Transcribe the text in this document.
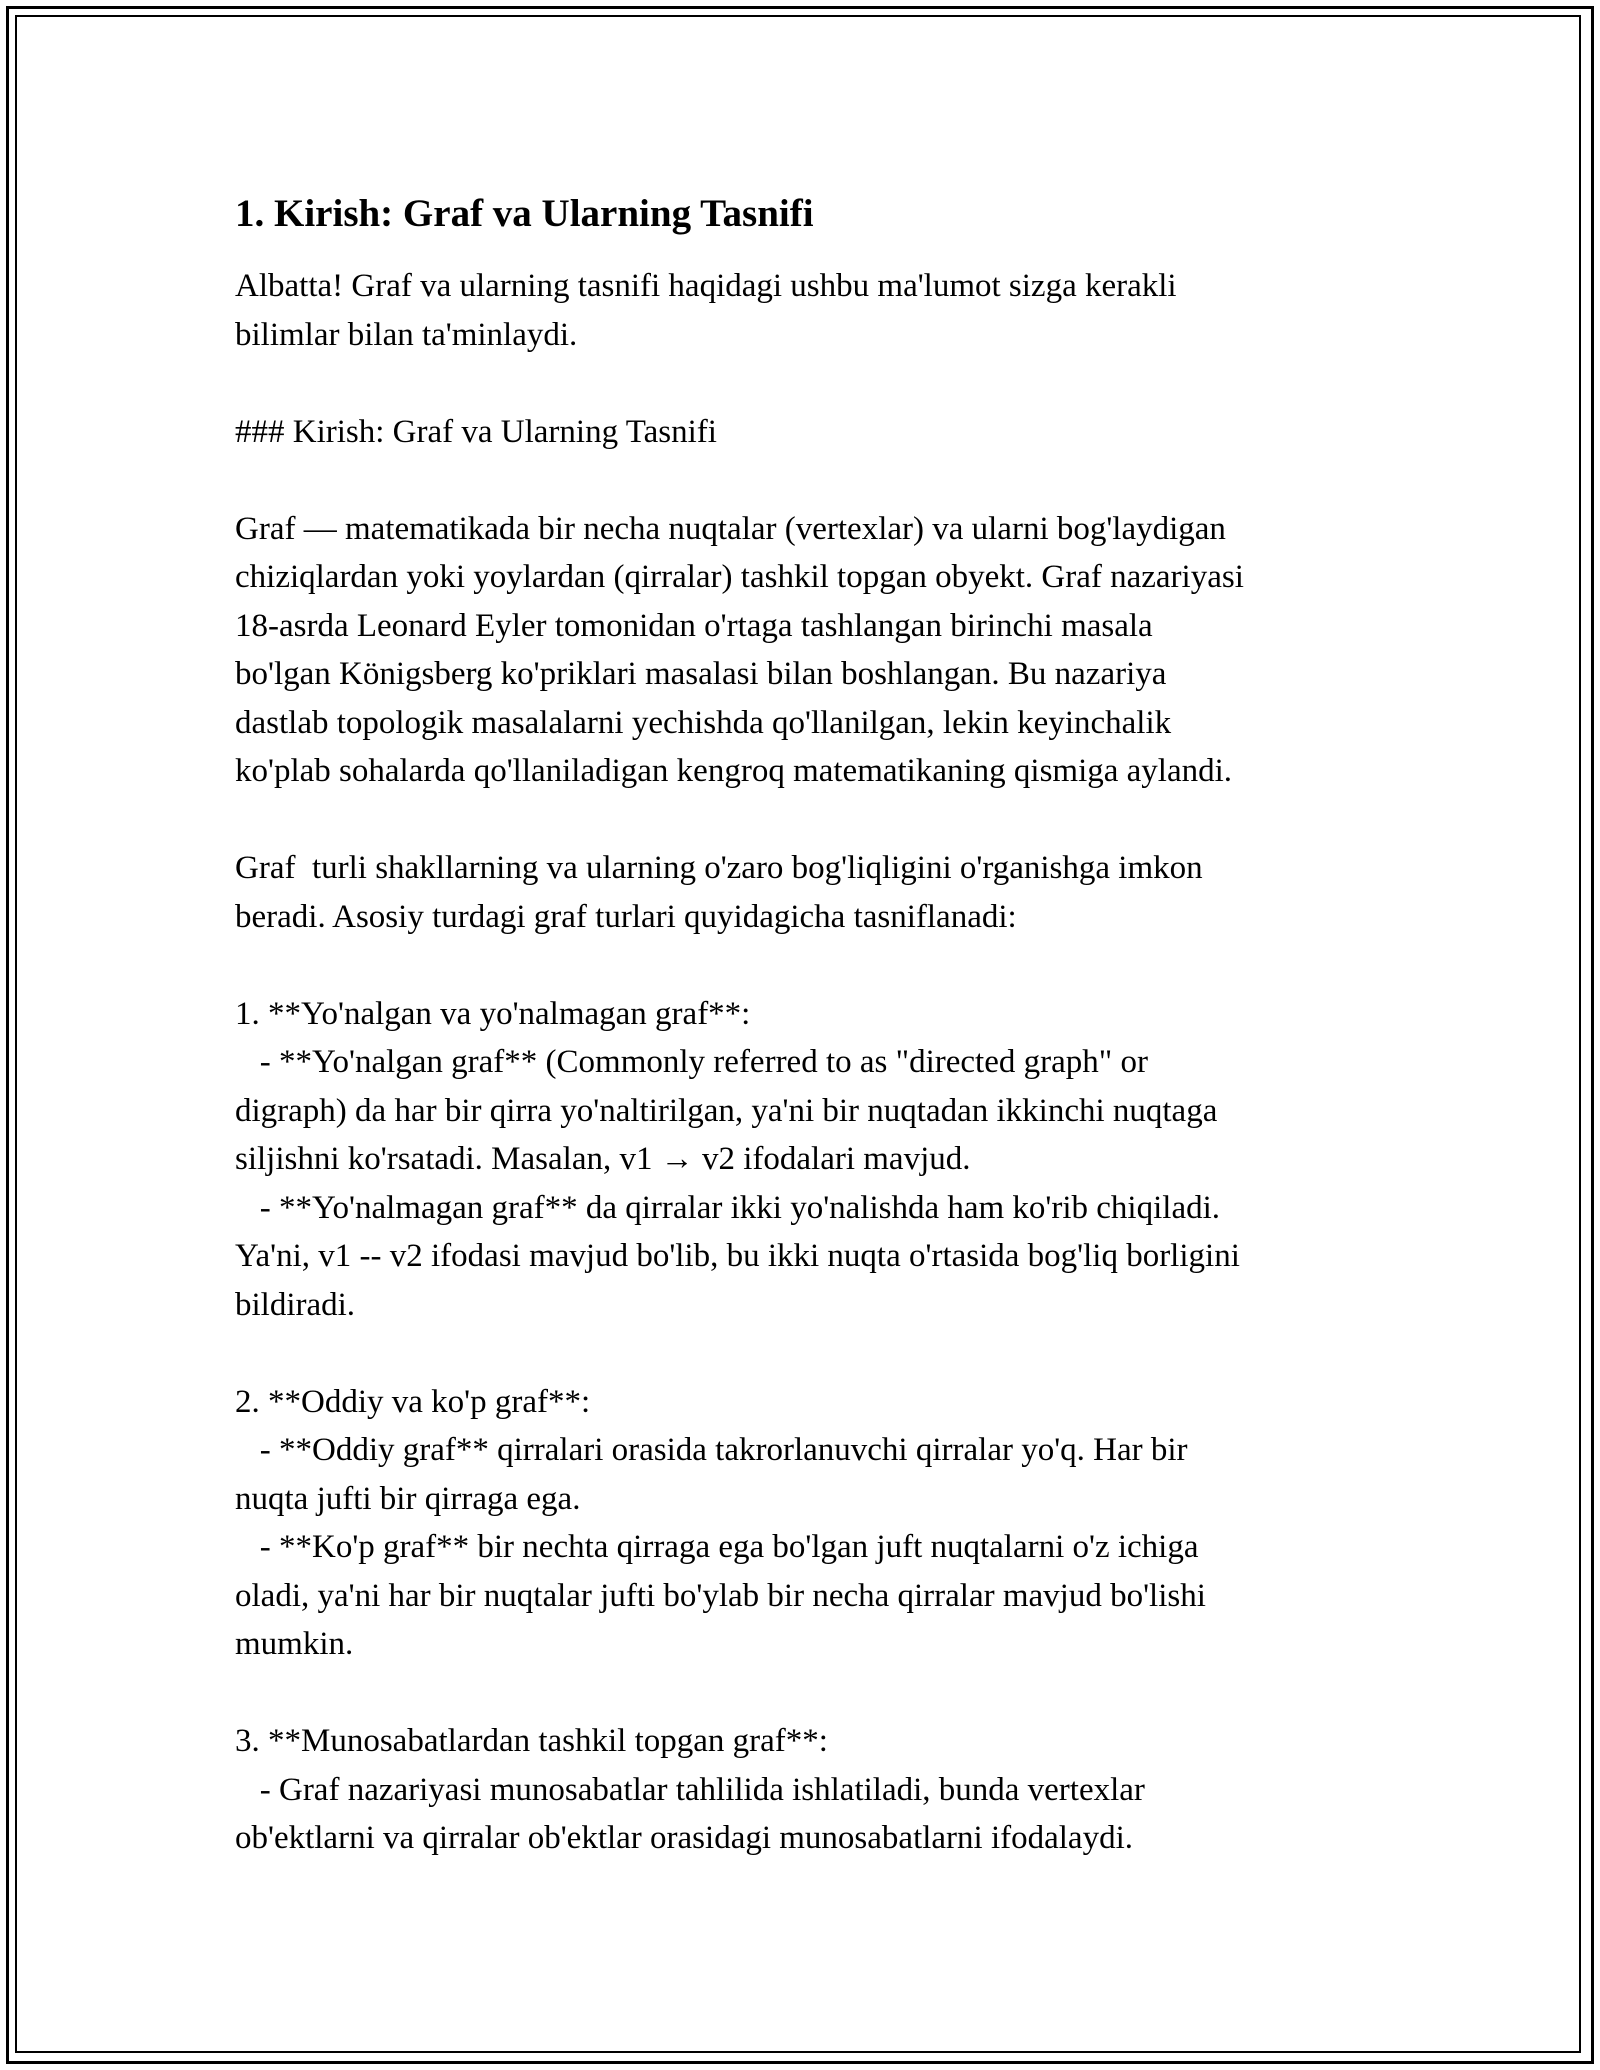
1. Kirish: Graf va Ularning Tasnifi

Albatta! Graf va ularning tasnifi haqidagi ushbu ma'lumot sizga kerakli

bilimlar bilan ta'minlaydi.

### Kirish: Graf va Ularning Tasnifi

Graf — matematikada bir necha nuqtalar (vertexlar) va ularni bog'laydigan

chiziqlardan yoki yoylardan (qirralar) tashkil topgan obyekt. Graf nazariyasi

18-asrda Leonard Eyler tomonidan o'rtaga tashlangan birinchi masala

bo'lgan Königsberg ko'priklari masalasi bilan boshlangan. Bu nazariya

dastlab topologik masalalarni yechishda qo'llanilgan, lekin keyinchalik

ko'plab sohalarda qo'llaniladigan kengroq matematikaning qismiga aylandi.

Graf  turli shakllarning va ularning o'zaro bog'liqligini o'rganishga imkon

beradi. Asosiy turdagi graf turlari quyidagicha tasniflanadi:

1. **Yo'nalgan va yo'nalmagan graf**:

- **Yo'nalgan graf** (Commonly referred to as "directed graph" or

digraph) da har bir qirra yo'naltirilgan, ya'ni bir nuqtadan ikkinchi nuqtaga

siljishni ko'rsatadi. Masalan, v1 → v2 ifodalari mavjud.

- **Yo'nalmagan graf** da qirralar ikki yo'nalishda ham ko'rib chiqiladi.

Ya'ni, v1 -- v2 ifodasi mavjud bo'lib, bu ikki nuqta o'rtasida bog'liq borligini

bildiradi.

2. **Oddiy va ko'p graf**:

- **Oddiy graf** qirralari orasida takrorlanuvchi qirralar yo'q. Har bir

nuqta jufti bir qirraga ega.

- **Ko'p graf** bir nechta qirraga ega bo'lgan juft nuqtalarni o'z ichiga

oladi, ya'ni har bir nuqtalar jufti bo'ylab bir necha qirralar mavjud bo'lishi

mumkin.

3. **Munosabatlardan tashkil topgan graf**:

- Graf nazariyasi munosabatlar tahlilida ishlatiladi, bunda vertexlar

ob'ektlarni va qirralar ob'ektlar orasidagi munosabatlarni ifodalaydi.
